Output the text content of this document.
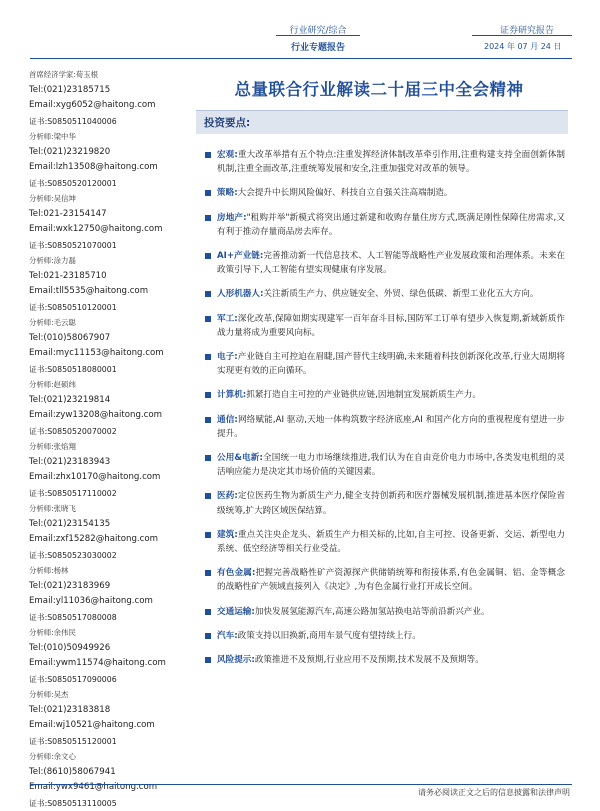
行业研究/综合
行业专题报告
证券研究报告
2024 年 07 月 24 日
首席经济学家:荀玉根
Tel:(021)23185715
Email:xyg6052@haitong.com
证书:S0850511040006
分析师:梁中华
Tel:(021)23219820
Email:lzh13508@haitong.com
证书:S0850520120001
分析师:吴信坤
Tel:021-23154147
Email:wxk12750@haitong.com
证书:S0850521070001
分析师:涂力磊
Tel:021-23185710
Email:tll5535@haitong.com
证书:S0850510120001
分析师:毛云聪
Tel:(010)58067907
Email:myc11153@haitong.com
证书:S0850518080001
分析师:赵硕纬
Tel:(021)23219814
Email:zyw13208@haitong.com
证书:S0850520070002
分析师:张焰翔
Tel:(021)23183943
Email:zhx10170@haitong.com
证书:S0850517110002
分析师:张晓飞
Tel:(021)23154135
Email:zxf15282@haitong.com
证书:S0850523030002
分析师:杨林
Tel:(021)23183969
Email:yl11036@haitong.com
证书:S0850517080008
分析师:余伟民
Tel:(010)50949926
Email:ywm11574@haitong.com
证书:S0850517090006
分析师:吴杰
Tel:(021)23183818
Email:wj10521@haitong.com
证书:S0850515120001
分析师:余文心
Tel:(8610)58067941
Email:ywx9461@haitong.com
证书:S0850513110005
总量联合行业解读二十届三中全会精神
投资要点:
宏观:重大改革举措有五个特点:注重发挥经济体制改革牵引作用,注重构建支持全面创新体制机制,注重全面改革,注重统筹发展和安全,注重加强党对改革的领导。
策略:大会提升中长期风险偏好、科技自立自强关注高端制造。
房地产:"租购并举"新模式将突出通过新建和收购存量住房方式,既满足刚性保障住房需求,又有利于推动存量商品房去库存。
AI+产业链:完善推动新一代信息技术、人工智能等战略性产业发展政策和治理体系。未来在政策引导下,人工智能有望实现健康有序发展。
人形机器人:关注新质生产力、供应链安全、外贸、绿色低碳、新型工业化五大方向。
军工:深化改革,保障如期实现建军一百年奋斗目标,国防军工订单有望步入恢复期,新域新质作战力量将成为重要风向标。
电子:产业链自主可控迫在眉睫,国产替代主线明确,未来随着科技创新深化改革,行业大周期将实现更有效的正向循环。
计算机:抓紧打造自主可控的产业链供应链,因地制宜发展新质生产力。
通信:网络赋能,AI 驱动,天地一体构筑数字经济底座,AI 和国产化方向的重视程度有望进一步提升。
公用&电新:全国统一电力市场继续推进,我们认为在自由竞价电力市场中,各类发电机组的灵活响应能力是决定其市场价值的关键因素。
医药:定位医药生物为新质生产力,健全支持创新药和医疗器械发展机制,推进基本医疗保险省级统筹,扩大跨区域医保结算。
建筑:重点关注央企龙头、新质生产力相关标的,比如,自主可控、设备更新、交运、新型电力系统、低空经济等相关行业受益。
有色金属:把握完善战略性矿产资源探产供储销统筹和衔接体系,有色金属铜、铝、金等概念的战略性矿产领域直接列入《决定》,为有色金属行业打开成长空间。
交通运输:加快发展氢能源汽车,高速公路加氢站换电站等前沿新兴产业。
汽车:政策支持以旧换新,商用车景气度有望持续上行。
风险提示:政策推进不及预期,行业应用不及预期,技术发展不及预期等。
请务必阅读正文之后的信息披露和法律声明
